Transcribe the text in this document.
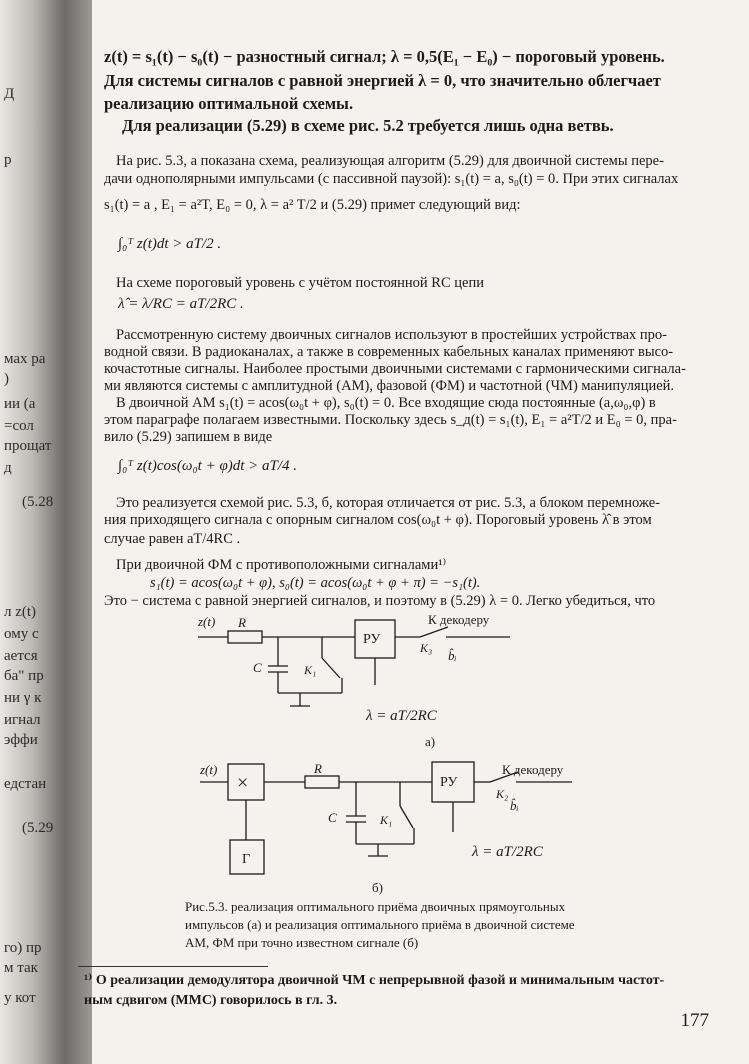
Д
р
мах ра
)
ии (а
=сол
прощат
д
(5.28
л z(t)
ому с
ается
ба" пр
ни γ к
игнал
эффи
едстан
(5.29
го) пр
м так
у кот
z(t) = s₁(t) − s₀(t) − разностный сигнал; λ = 0,5(E₁ − E₀) − пороговый уровень.
Для системы сигналов с равной энергией λ = 0, что значительно облегчает
реализацию оптимальной схемы.
Для реализации (5.29) в схеме рис. 5.2 требуется лишь одна ветвь.
На рис. 5.3, а показана схема, реализующая алгоритм (5.29) для двоичной системы пере-
дачи однополярными импульсами (с пассивной паузой): s₁(t) = a, s₀(t) = 0. При этих сигналах
s₁(t) = a , E₁ = a²T, E₀ = 0, λ = a² T/2 и (5.29) примет следующий вид:
∫₀ᵀ z(t)dt > aT/2 .
На схеме пороговый уровень с учётом постоянной RC цепи
λ̂ = λ/RC = aT/2RC .
Рассмотренную систему двоичных сигналов используют в простейших устройствах про-
водной связи. В радиоканалах, а также в современных кабельных каналах применяют высо-
кочастотные сигналы. Наиболее простыми двоичными системами с гармоническими сигнала-
ми являются системы с амплитудной (АМ), фазовой (ФМ) и частотной (ЧМ) манипуляцией.
В двоичной АМ s₁(t) = acos(ω₀t + φ), s₀(t) = 0. Все входящие сюда постоянные (a,ω₀,φ) в
этом параграфе полагаем известными. Поскольку здесь s_д(t) = s₁(t), E₁ = a²T/2 и E₀ = 0, пра-
вило (5.29) запишем в виде
∫₀ᵀ z(t)cos(ω₀t + φ)dt > aT/4 .
Это реализуется схемой рис. 5.3, б, которая отличается от рис. 5.3, а блоком перемноже-
ния приходящего сигнала с опорным сигналом cos(ω₀t + φ). Пороговый уровень λ̂ в этом
случае равен aT/4RC .
При двоичной ФМ с противоположными сигналами¹⁾
s₁(t) = acos(ω₀t + φ), s₀(t) = acos(ω₀t + φ + π) = −s₁(t).
Это − система с равной энергией сигналов, и поэтому в (5.29) λ = 0. Легко убедиться, что
z(t) R
C	K₁
РУ
K₃
К декодеру
b̂ᵢ
λ = aT/2RC
а)
z(t)
×
R
C	K₁
РУ
Г
K₂
К декодеру
b̂ᵢ
λ = aT/2RC
б)
Рис.5.3. реализация оптимального приёма двоичных прямоугольных
импульсов (а) и реализация оптимального приёма в двоичной системе
АМ, ФМ при точно известном сигнале (б)
¹⁾ О реализации демодулятора двоичной ЧМ с непрерывной фазой и минимальным частот-
ным сдвигом (ММС) говорилось в гл. 3.
177
